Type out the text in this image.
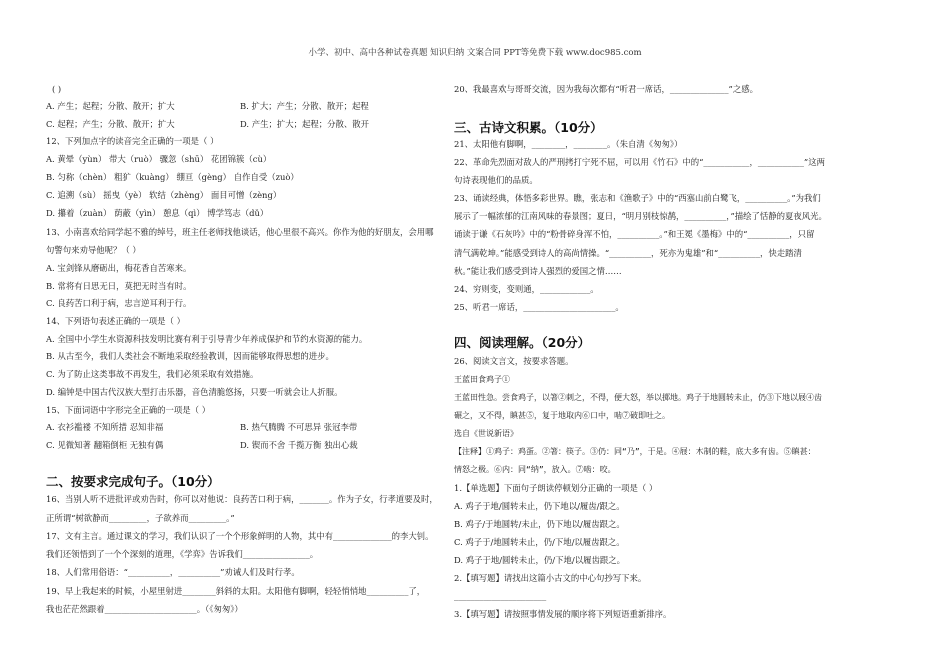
小学、初中、高中各种试卷真题 知识归纳 文案合同 PPT等免费下载 www.doc985.com
( )
A. 产生；起程；分散、散开；扩大	B. 扩大；产生；分散、散开；起程
C. 起程；产生；分散、散开；扩大	D. 产生；扩大；起程；分散、散开
12、下列加点字的读音完全正确的一项是（ ）
A. 黄晕（yùn） 带大（ruò） 骤忽（shū） 花团锦簇（cù）
B. 匀称（chèn） 粗犷（kuàng） 绷亘（gèng） 自作自受（zuò）
C. 追溯（sù） 摇曳（yè） 软结（zhèng） 面目可憎（zèng）
D. 攥着（zuàn） 荫蔽（yìn） 憩息（qì） 博学笃志（dǔ）
13、小南喜欢给同学起不雅的绰号，班主任老师找他谈话，他心里很不高兴。你作为他的好朋友，会用哪
句警句来劝导他呢？（ ）
A. 宝剑锋从磨砺出，梅花香自苦寒来。
B. 常将有日思无日，莫把无时当有时。
C. 良药苦口利于病，忠言逆耳利于行。
14、下列语句表述正确的一项是（ ）
A. 全国中小学生水资源科技发明比赛有利于引导青少年养成保护和节约水资源的能力。
B. 从古至今，我们人类社会不断地采取经验教训，因而能够取得思想的进步。
C. 为了防止这类事故不再发生，我们必须采取有效措施。
D. 编钟是中国古代汉族大型打击乐器，音色清脆悠扬，只要一听就会让人折服。
15、下面词语中字形完全正确的一项是（ ）
A. 衣衫褴褛 不知所措 忍知非福	B. 热气腾腾 不可思异 张冠李带
C. 见微知著 翻箱倒柜 无独有偶	D. 锲而不舍 千揽万衡 独出心裁
二、按要求完成句子。（10分）
16、当别人听不进批评或劝告时，你可以对他说：良药苦口利于病，_______。作为子女，行孝道要及时，
正所谓“树欲静而_________，子欲养而_________。”
17、文有主言。通过课文的学习，我们认识了一个个形象鲜明的人物，其中有______________的李大钊。
我们还领悟到了一个个深刻的道理，《学弈》告诉我们________________。
18、人们常用俗语：“__________，__________”劝诫人们及时行孝。
19、早上我起来的时候，小屋里射进________斜斜的太阳。太阳他有脚啊，轻轻悄悄地__________了，
我也茫茫然跟着______________________。（《匆匆》）
20、我最喜欢与哥哥交流，因为我每次都有“听君一席话，______________”之感。
三、古诗文积累。（10分）
21、太阳他有脚啊，________，________。（朱自清《匆匆》）
22、革命先烈面对敌人的严刑拷打宁死不屈，可以用《竹石》中的“___________，___________”这两
句诗表现他们的品质。
23、诵读经典，体悟多彩世界。瞧，张志和《渔歌子》中的“西塞山前白鹭飞，__________。”为我们
展示了一幅浓郁的江南风味的春景图；夏日，“明月别枝惊鹊，__________，”描绘了恬静的夏夜风光。
诵读于谦《石灰吟》中的“粉骨碎身浑不怕，__________。”和王冕《墨梅》中的“__________，只留
清气满乾坤。”能感受到诗人的高尚情操。“__________，死亦为鬼雄”和“__________，快走踏清
秋。”能让我们感受到诗人强烈的爱国之情……
24、穷则变，变则通，____________。
25、听君一席话，______________________。
四、阅读理解。（20分）
26、阅读文言文，按要求答题。
王蓝田食鸡子①
王蓝田性急。尝食鸡子，以箸②刺之，不得，便大怒，举以掷地。鸡子于地圆转未止，仍③下地以屐④齿
碾之，又不得，瞋甚⑤，复于地取内⑥口中，啮⑦破即吐之。
选自《世说新语》
【注释】①鸡子：鸡蛋。②箸：筷子。③仍：同“乃”，于是。④屐：木制的鞋，底大多有齿。⑤瞋甚：
情怒之极。⑥内：同“纳”，放入。⑦啮：咬。
1.【单选题】下面句子朗读停顿划分正确的一项是（ ）
A. 鸡子于地/圆转未止，仍下地以/履齿/跟之。
B. 鸡子/于地圆转/未止，仍下地以/履齿跟之。
C. 鸡子于/地圆转未止，仍/下地/以履齿跟之。
D. 鸡子于地/圆转未止，仍/下地/以履齿跟之。
2.【填写题】请找出这篇小古文的中心句抄写下来。
______________________
3.【填写题】请按照事情发展的顺序将下列短语重新排序。
